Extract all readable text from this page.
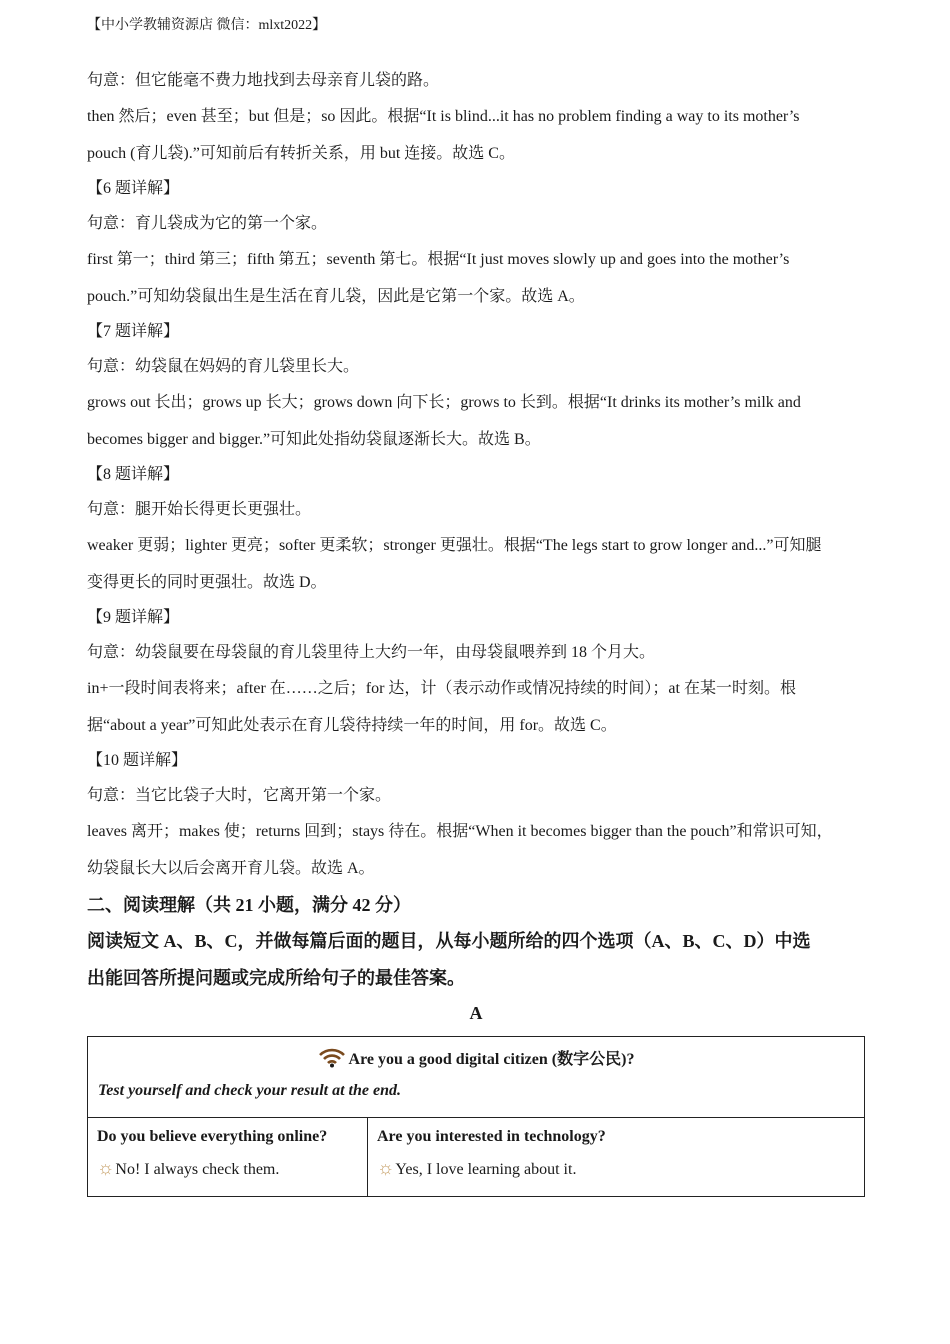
【中小学教辅资源店 微信：mlxt2022】

句意：但它能毫不费力地找到去母亲育儿袋的路。

then 然后；even 甚至；but 但是；so 因此。根据“It is blind...it has no problem finding a way to its mother’s
pouch (育儿袋).”可知前后有转折关系，用 but 连接。故选 C。

【6 题详解】

句意：育儿袋成为它的第一个家。

first 第一；third 第三；fifth 第五；seventh 第七。根据“It just moves slowly up and goes into the mother’s
pouch.”可知幼袋鼠出生是生活在育儿袋，因此是它第一个家。故选 A。

【7 题详解】

句意：幼袋鼠在妈妈的育儿袋里长大。

grows out 长出；grows up 长大；grows down 向下长；grows to 长到。根据“It drinks its mother’s milk and
becomes bigger and bigger.”可知此处指幼袋鼠逐渐长大。故选 B。

【8 题详解】

句意：腿开始长得更长更强壮。

weaker 更弱；lighter 更亮；softer 更柔软；stronger 更强壮。根据“The legs start to grow longer and...”可知腿
变得更长的同时更强壮。故选 D。

【9 题详解】

句意：幼袋鼠要在母袋鼠的育儿袋里待上大约一年，由母袋鼠喂养到 18 个月大。

in+一段时间表将来；after 在……之后；for 达，计（表示动作或情况持续的时间）；at 在某一时刻。根
据“about a year”可知此处表示在育儿袋待持续一年的时间，用 for。故选 C。

【10 题详解】

句意：当它比袋子大时，它离开第一个家。

leaves 离开；makes 使；returns 回到；stays 待在。根据“When it becomes bigger than the pouch”和常识可知，
幼袋鼠长大以后会离开育儿袋。故选 A。

二、阅读理解（共 21 小题，满分 42 分）

阅读短文 A、B、C，并做每篇后面的题目，从每小题所给的四个选项（A、B、C、D）中选
出能回答所提问题或完成所给句子的最佳答案。

A

Are you a good digital citizen (数字公民)?
Test yourself and check your result at the end.

Do you believe everything online?
☼No! I always check them.

Are you interested in technology?
☼Yes, I love learning about it.
